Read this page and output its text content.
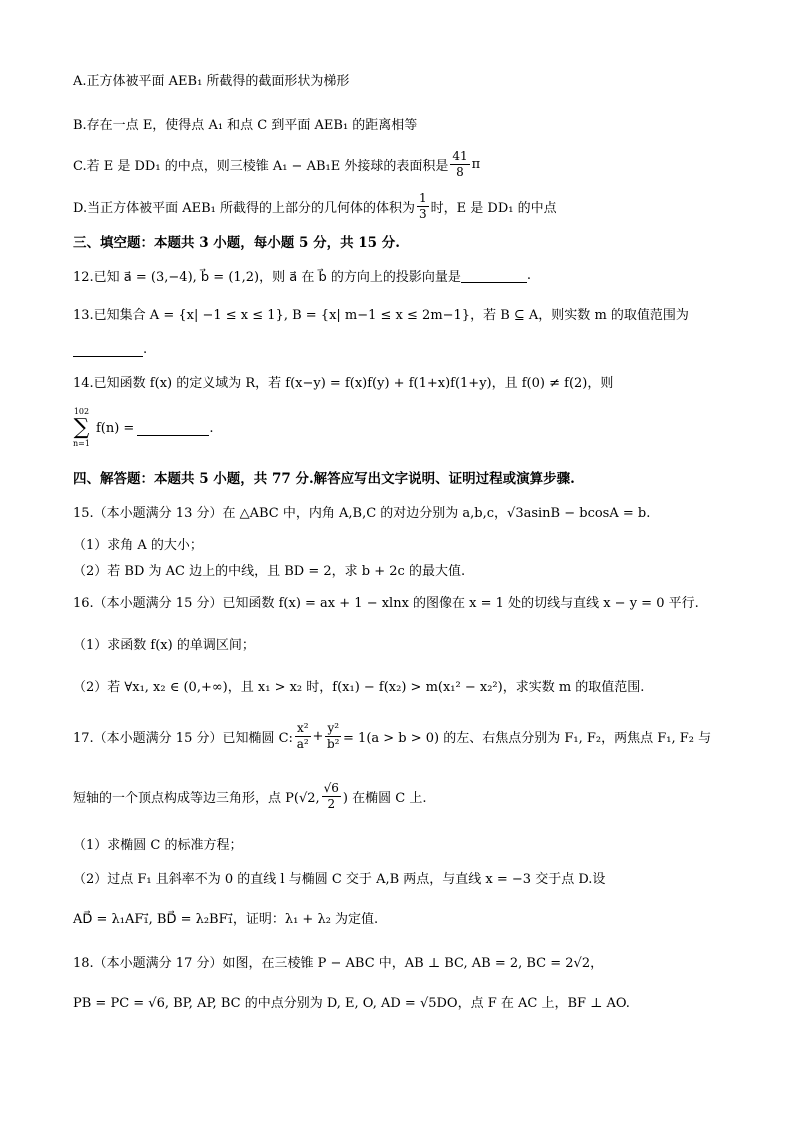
A.正方体被平面 AEB₁ 所截得的截面形状为梯形
B.存在一点 E，使得点 A₁ 和点 C 到平面 AEB₁ 的距离相等
C.若 E 是 DD₁ 的中点，则三棱锥 A₁ − AB₁E 外接球的表面积是 $\frac{41}{8}$ π
D.当正方体被平面 AEB₁ 所截得的上部分的几何体的体积为 $\frac{1}{3}$ 时，E 是 DD₁ 的中点
三、填空题：本题共 3 小题，每小题 5 分，共 15 分.
12.已知 a⃗ = (3,−4), b⃗ = (1,2)，则 a⃗ 在 b⃗ 的方向上的投影向量是	.
13.已知集合 A = {x| −1 ≤ x ≤ 1}, B = {x| m−1 ≤ x ≤ 2m−1}，若 B ⊆ A，则实数 m 的取值范围为
.
14.已知函数 f(x) 的定义域为 R，若 f(x−y) = f(x)f(y) + f(1+x)f(1+y)，且 f(0) ≠ f(2)，则
102
∑
n=1
f(n) =	.
四、解答题：本题共 5 小题，共 77 分.解答应写出文字说明、证明过程或演算步骤.
15.（本小题满分 13 分）在 △ABC 中，内角 A,B,C 的对边分别为 a,b,c，√3asinB − bcosA = b.
（1）求角 A 的大小；
（2）若 BD 为 AC 边上的中线，且 BD = 2，求 b + 2c 的最大值.
16.（本小题满分 15 分）已知函数 f(x) = ax + 1 − xlnx 的图像在 x = 1 处的切线与直线 x − y = 0 平行.
（1）求函数 f(x) 的单调区间；
（2）若 ∀x₁, x₂ ∈ (0,+∞)，且 x₁ > x₂ 时，f(x₁) − f(x₂) > m(x₁² − x₂²)，求实数 m 的取值范围.
17.（本小题满分 15 分）已知椭圆 C: $\frac{\text{x²}}{\text{a²}} + \frac{\text{y²}}{\text{b²}} = 1(a > b > 0)$ 的左、右焦点分别为 F₁, F₂，两焦点 F₁, F₂ 与
短轴的一个顶点构成等边三角形，点 P(√2, $\frac{√6}{2}$ ) 在椭圆 C 上.
（1）求椭圆 C 的标准方程；
（2）过点 F₁ 且斜率不为 0 的直线 l 与椭圆 C 交于 A,B 两点，与直线 x = −3 交于点 D.设
AD⃗ = λ₁AF₁⃗, BD⃗ = λ₂BF₁⃗，证明：λ₁ + λ₂ 为定值.
18.（本小题满分 17 分）如图，在三棱锥 P − ABC 中，AB ⊥ BC, AB = 2, BC = 2√2，
PB = PC = √6, BP, AP, BC 的中点分别为 D, E, O, AD = √5DO，点 F 在 AC 上，BF ⊥ AO.
